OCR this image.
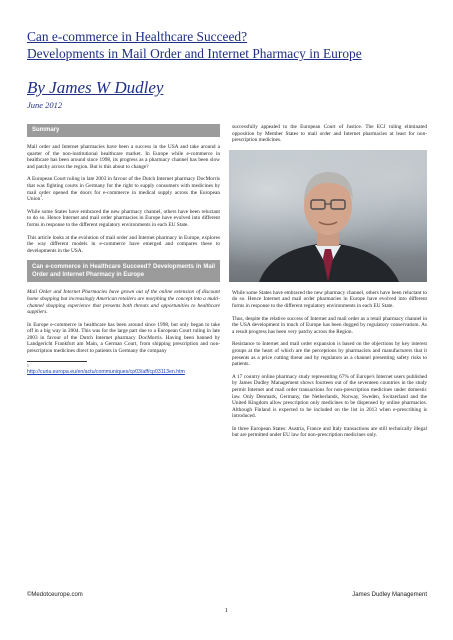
Can e-commerce in Healthcare Succeed?
Developments in Mail Order and Internet Pharmacy in Europe
By James W Dudley
June 2012
Summary

Mail order and Internet pharmacies have been a success in the USA and take around a quarter of the non-institutional healthcare market. In Europe while e-commerce in healthcare has been around since 1998, its progress as a pharmacy channel has been slow and patchy across the region. But is this about to change?

A European Court ruling in late 2003 in favour of the Dutch Internet pharmacy DocMorris that was fighting courts in Germany for the right to supply consumers with medicines by mail order opened the doors for e-commerce in medical supply across the European Union$^1$.

While some States have embraced the new pharmacy channel, others have been reluctant to do so. Hence Internet and mail order pharmacies in Europe have evolved into different forms in response to the different regulatory environments in each EU State.

This article looks at the evolution of mail order and Internet pharmacy in Europe, explores the way different models in e-commerce have emerged and compares these to developments in the USA.

Can e-commerce in Healthcare Succeed? Developments in Mail Order and Internet Pharmacy in Europe

Mail Order and Internet Pharmacies have grown out of the online extension of discount home shopping but increasingly American retailers are morphing the concept into a multi-channel shopping experience that presents both threats and opportunities to healthcare suppliers.

In Europe e-commerce in healthcare has been around since 1998, but only began to take off in a big way in 2004. This was for the large part due to a European Court ruling in late 2003 in favour of the Dutch Internet pharmacy DocMorris. Having been banned by Landgericht Frankfurt am Main, a German Court, from shipping prescription and non-prescription medicines direct to patients in Germany the company

1
http://curia.europa.eu/en/actu/communiques/cp03/aff/cp03113en.htm

successfully appealed to the European Court of Justice. The ECJ ruling eliminated opposition by Member States to mail order and Internet pharmacies at least for non-prescription medicines.

While some States have embraced the new pharmacy channel, others have been reluctant to do so. Hence Internet and mail order pharmacies in Europe have evolved into different forms in response to the different regulatory environments in each EU State.

Thus, despite the relative success of Internet and mail order as a retail pharmacy channel in the USA development in much of Europe has been dogged by regulatory conservatism. As a result progress has been very patchy across the Region.

Resistance to Internet and mail order expansion is based on the objections by key interest groups at the heart of which are the perceptions by pharmacists and manufacturers that it presents as a price cutting threat and by regulators as a channel presenting safety risks to patients.

A 17 country online pharmacy study representing 67% of Europe's Internet users published by James Dudley Management shows fourteen out of the seventeen countries in the study permit Internet and mail order transactions for non-prescription medicines under domestic law. Only Denmark, Germany, the Netherlands, Norway, Sweden, Switzerland and the United Kingdom allow prescription only medicines to be dispensed by online pharmacies. Although Finland is expected to be included on the list in 2013 when e-prescribing is introduced.

In three European States: Austria, France and Italy transactions are still technically illegal but are permitted under EU law for non-prescription medicines only.

©Medotceurope.com	James Dudley Management
1
